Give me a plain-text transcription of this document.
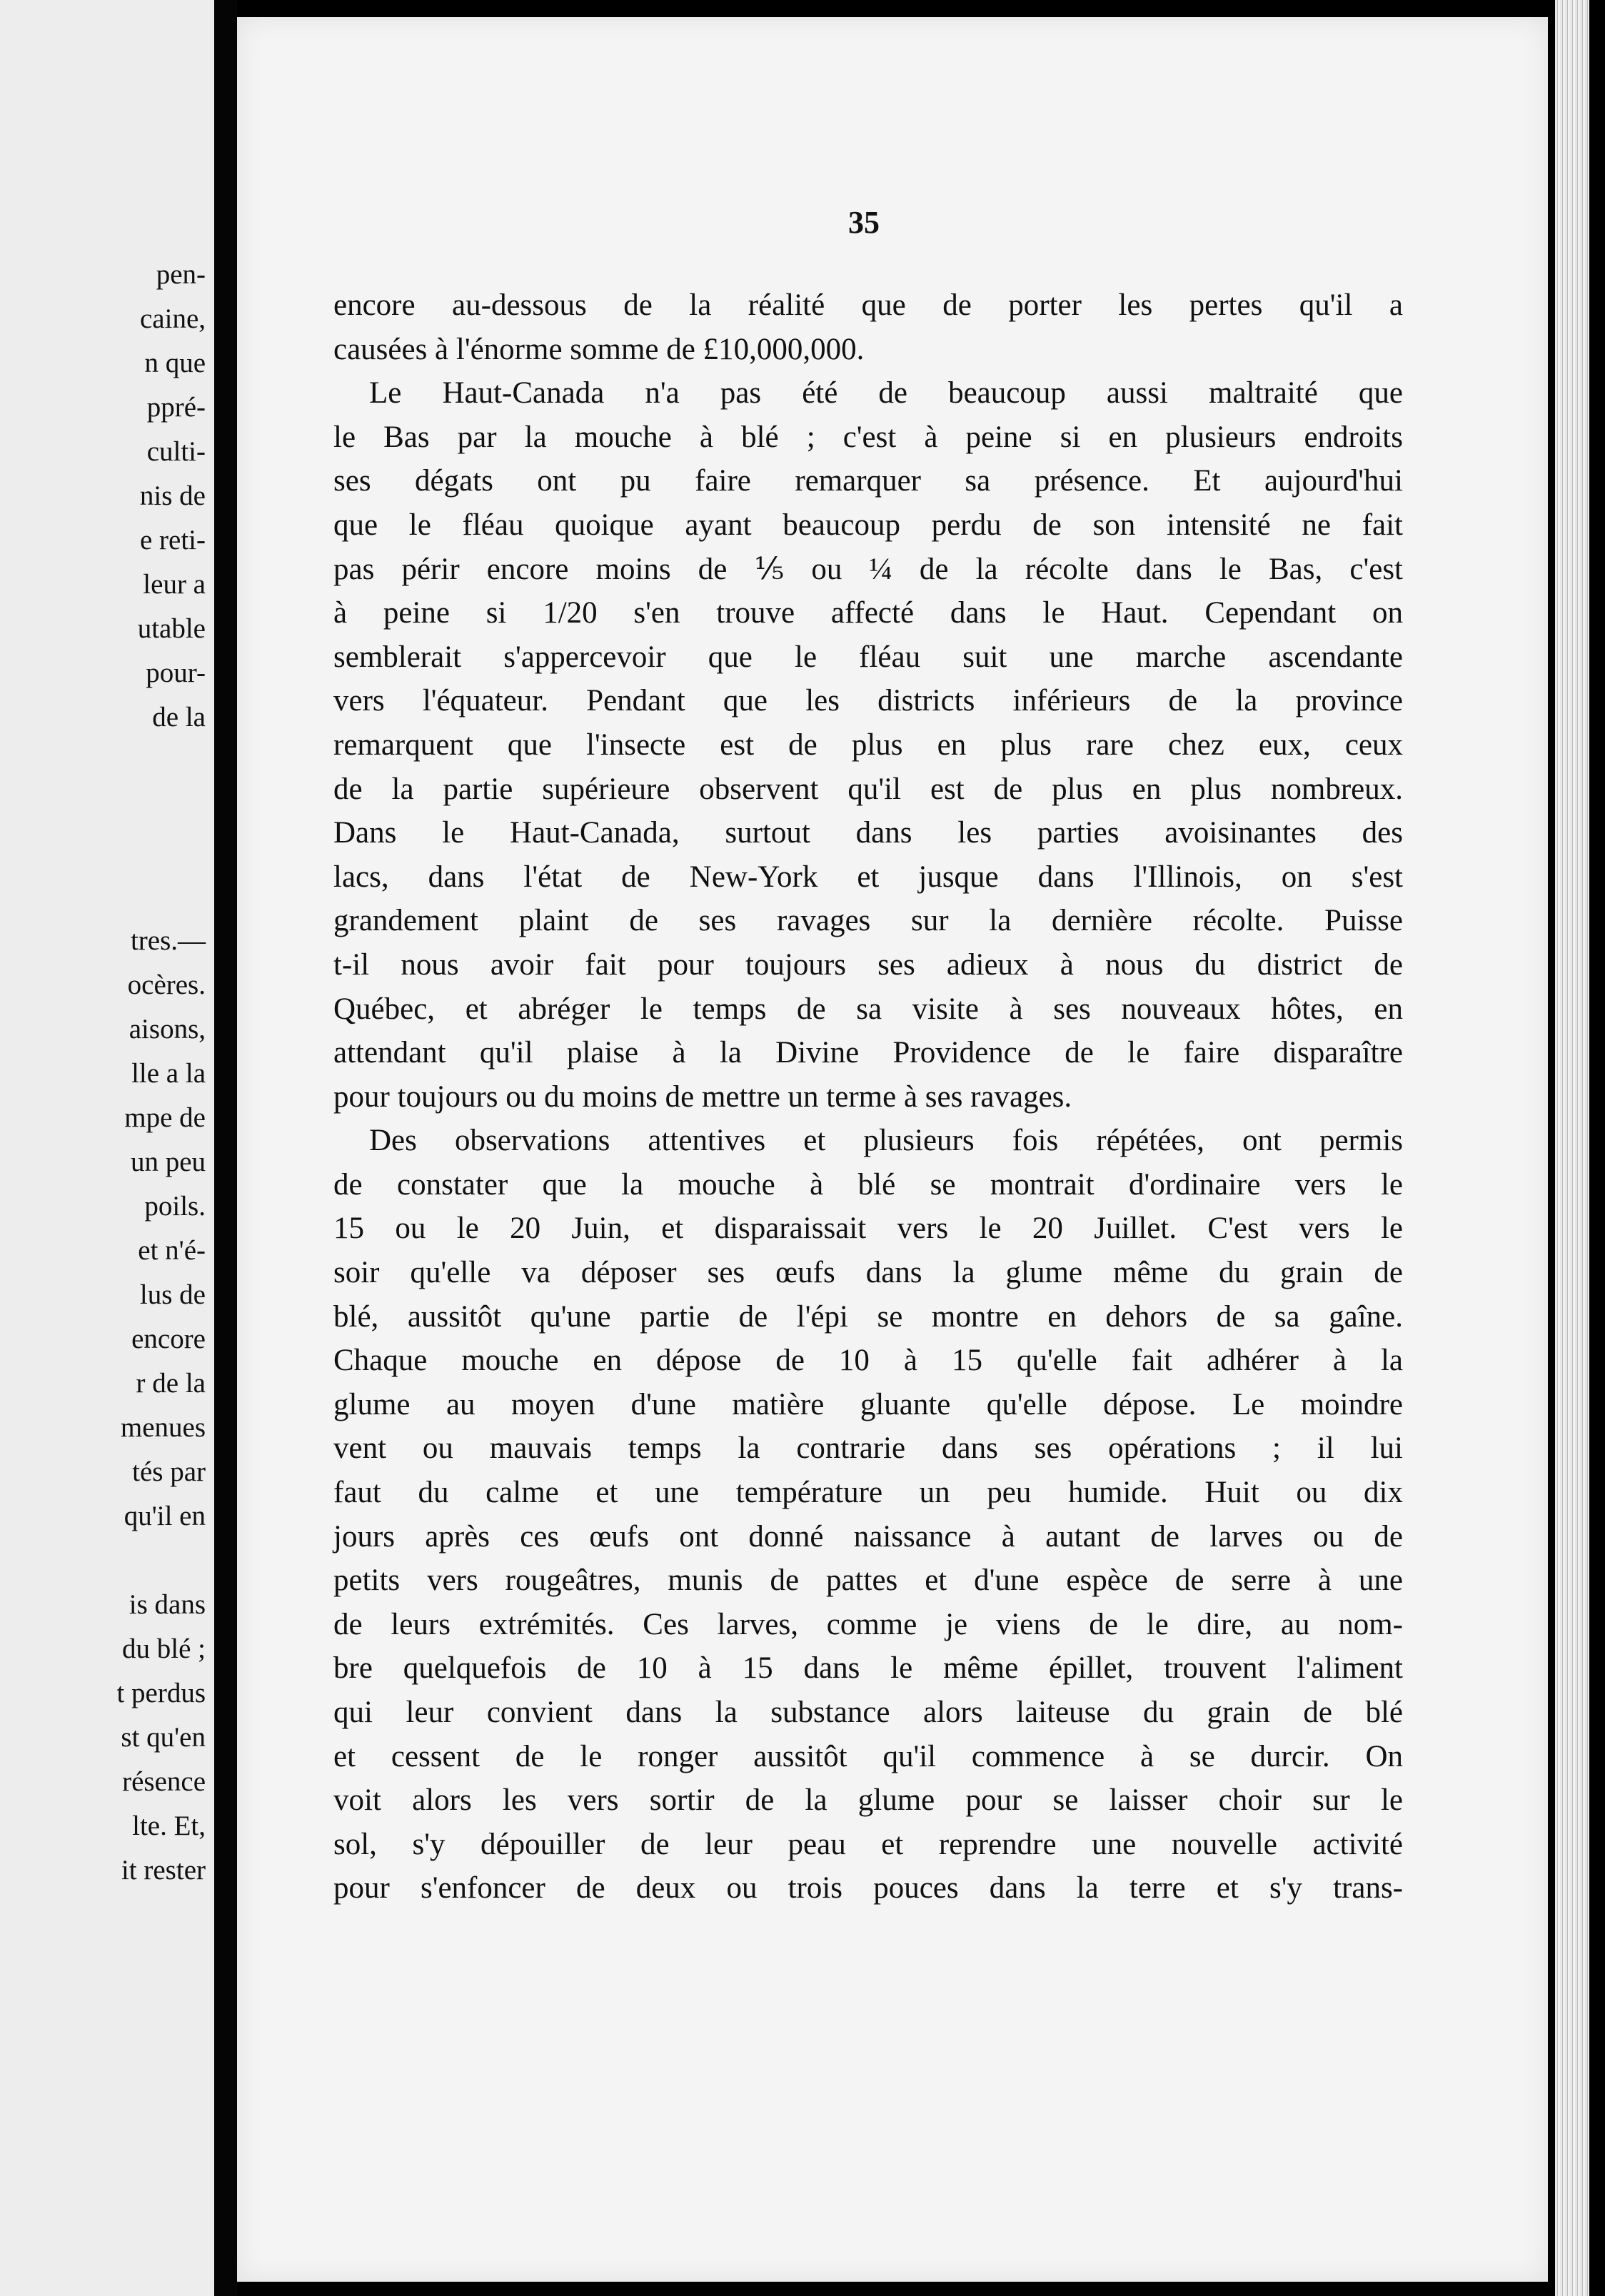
pen-
caine,
n que
ppré-
culti-
nis de
e reti-
leur a
utable
pour-
de la
tres.—
ocères.
aisons,
lle a la
mpe de
un peu
poils.
et n'é-
lus de
encore
r de la
menues
tés par
qu'il en
is dans
du blé ;
t perdus
st qu'en
résence
lte. Et,
it rester
35
encore au-dessous de la réalité que de porter les pertes qu'il a
causées à l'énorme somme de £10,000,000.
Le Haut-Canada n'a pas été de beaucoup aussi maltraité que
le Bas par la mouche à blé ; c'est à peine si en plusieurs endroits
ses dégats ont pu faire remarquer sa présence. Et aujourd'hui
que le fléau quoique ayant beaucoup perdu de son intensité ne fait
pas périr encore moins de ⅕ ou ¼ de la récolte dans le Bas, c'est
à peine si 1/20 s'en trouve affecté dans le Haut. Cependant on
semblerait s'appercevoir que le fléau suit une marche ascendante
vers l'équateur. Pendant que les districts inférieurs de la province
remarquent que l'insecte est de plus en plus rare chez eux, ceux
de la partie supérieure observent qu'il est de plus en plus nombreux.
Dans le Haut-Canada, surtout dans les parties avoisinantes des
lacs, dans l'état de New-York et jusque dans l'Illinois, on s'est
grandement plaint de ses ravages sur la dernière récolte. Puisse
t-il nous avoir fait pour toujours ses adieux à nous du district de
Québec, et abréger le temps de sa visite à ses nouveaux hôtes, en
attendant qu'il plaise à la Divine Providence de le faire disparaître
pour toujours ou du moins de mettre un terme à ses ravages.
Des observations attentives et plusieurs fois répétées, ont permis
de constater que la mouche à blé se montrait d'ordinaire vers le
15 ou le 20 Juin, et disparaissait vers le 20 Juillet. C'est vers le
soir qu'elle va déposer ses œufs dans la glume même du grain de
blé, aussitôt qu'une partie de l'épi se montre en dehors de sa gaîne.
Chaque mouche en dépose de 10 à 15 qu'elle fait adhérer à la
glume au moyen d'une matière gluante qu'elle dépose. Le moindre
vent ou mauvais temps la contrarie dans ses opérations ; il lui
faut du calme et une température un peu humide. Huit ou dix
jours après ces œufs ont donné naissance à autant de larves ou de
petits vers rougeâtres, munis de pattes et d'une espèce de serre à une
de leurs extrémités. Ces larves, comme je viens de le dire, au nom-
bre quelquefois de 10 à 15 dans le même épillet, trouvent l'aliment
qui leur convient dans la substance alors laiteuse du grain de blé
et cessent de le ronger aussitôt qu'il commence à se durcir. On
voit alors les vers sortir de la glume pour se laisser choir sur le
sol, s'y dépouiller de leur peau et reprendre une nouvelle activité
pour s'enfoncer de deux ou trois pouces dans la terre et s'y trans-
